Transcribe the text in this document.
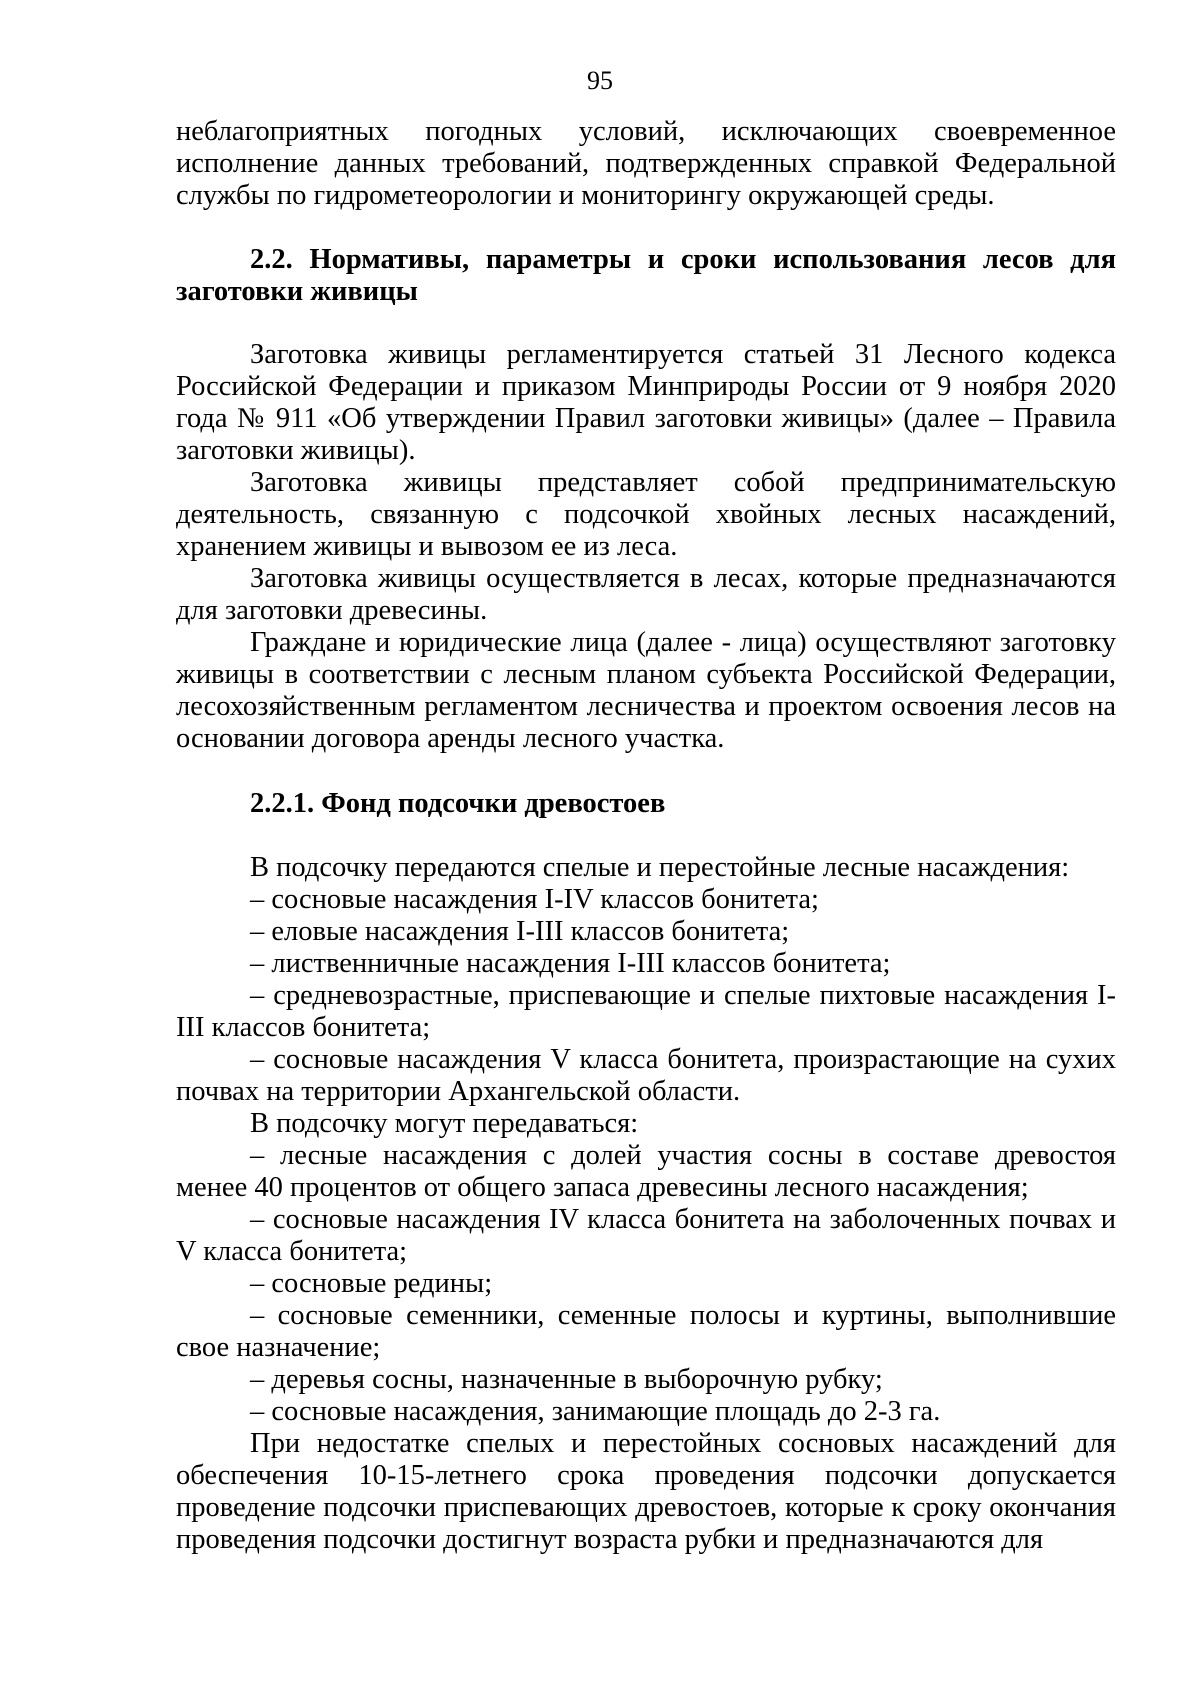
95

неблагоприятных погодных условий, исключающих своевременное исполнение данных требований, подтвержденных справкой Федеральной службы по гидрометеорологии и мониторингу окружающей среды.

2.2. Нормативы, параметры и сроки использования лесов для заготовки живицы

Заготовка живицы регламентируется статьей 31 Лесного кодекса Российской Федерации и приказом Минприроды России от 9 ноября 2020 года № 911 «Об утверждении Правил заготовки живицы» (далее – Правила заготовки живицы).

Заготовка живицы представляет собой предпринимательскую деятельность, связанную с подсочкой хвойных лесных насаждений, хранением живицы и вывозом ее из леса.

Заготовка живицы осуществляется в лесах, которые предназначаются для заготовки древесины.

Граждане и юридические лица (далее - лица) осуществляют заготовку живицы в соответствии с лесным планом субъекта Российской Федерации, лесохозяйственным регламентом лесничества и проектом освоения лесов на основании договора аренды лесного участка.

2.2.1. Фонд подсочки древостоев

В подсочку передаются спелые и перестойные лесные насаждения:

– сосновые насаждения I-IV классов бонитета;

– еловые насаждения I-III классов бонитета;

– лиственничные насаждения I-III классов бонитета;

– средневозрастные, приспевающие и спелые пихтовые насаждения I-III классов бонитета;

– сосновые насаждения V класса бонитета, произрастающие на сухих почвах на территории Архангельской области.

В подсочку могут передаваться:

– лесные насаждения с долей участия сосны в составе древостоя менее 40 процентов от общего запаса древесины лесного насаждения;

– сосновые насаждения IV класса бонитета на заболоченных почвах и V класса бонитета;

– сосновые редины;

– сосновые семенники, семенные полосы и куртины, выполнившие свое назначение;

– деревья сосны, назначенные в выборочную рубку;

– сосновые насаждения, занимающие площадь до 2-3 га.

При недостатке спелых и перестойных сосновых насаждений для обеспечения 10-15-летнего срока проведения подсочки допускается проведение подсочки приспевающих древостоев, которые к сроку окончания проведения подсочки достигнут возраста рубки и предназначаются для
